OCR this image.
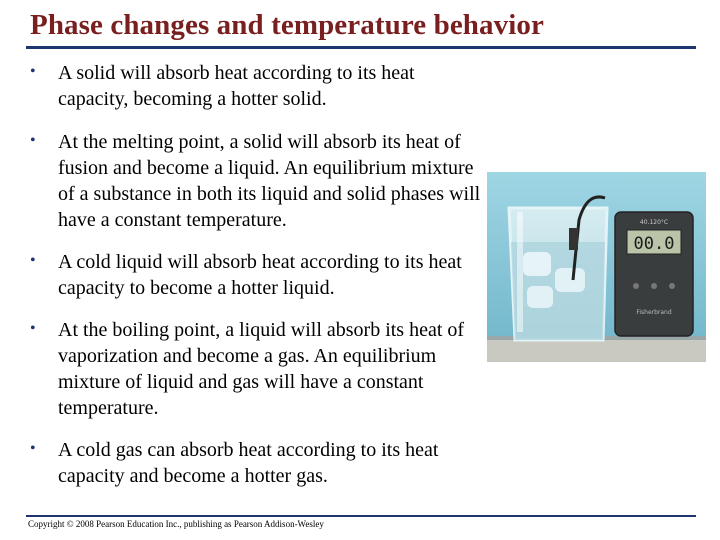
Phase changes and temperature behavior
• A solid will absorb heat according to its heat capacity, becoming a hotter solid.
• At the melting point, a solid will absorb its heat of fusion and become a liquid. An equilibrium mixture of a substance in both its liquid and solid phases will have a constant temperature.
• A cold liquid will absorb heat according to its heat capacity to become a hotter liquid.
• At the boiling point, a liquid will absorb its heat of vaporization and become a gas. An equilibrium mixture of liquid and gas will have a constant temperature.
• A cold gas can absorb heat according to its heat capacity and become a hotter gas.
40.120°C
00.0
Fisherbrand
Copyright © 2008 Pearson Education Inc., publishing as Pearson Addison-Wesley
